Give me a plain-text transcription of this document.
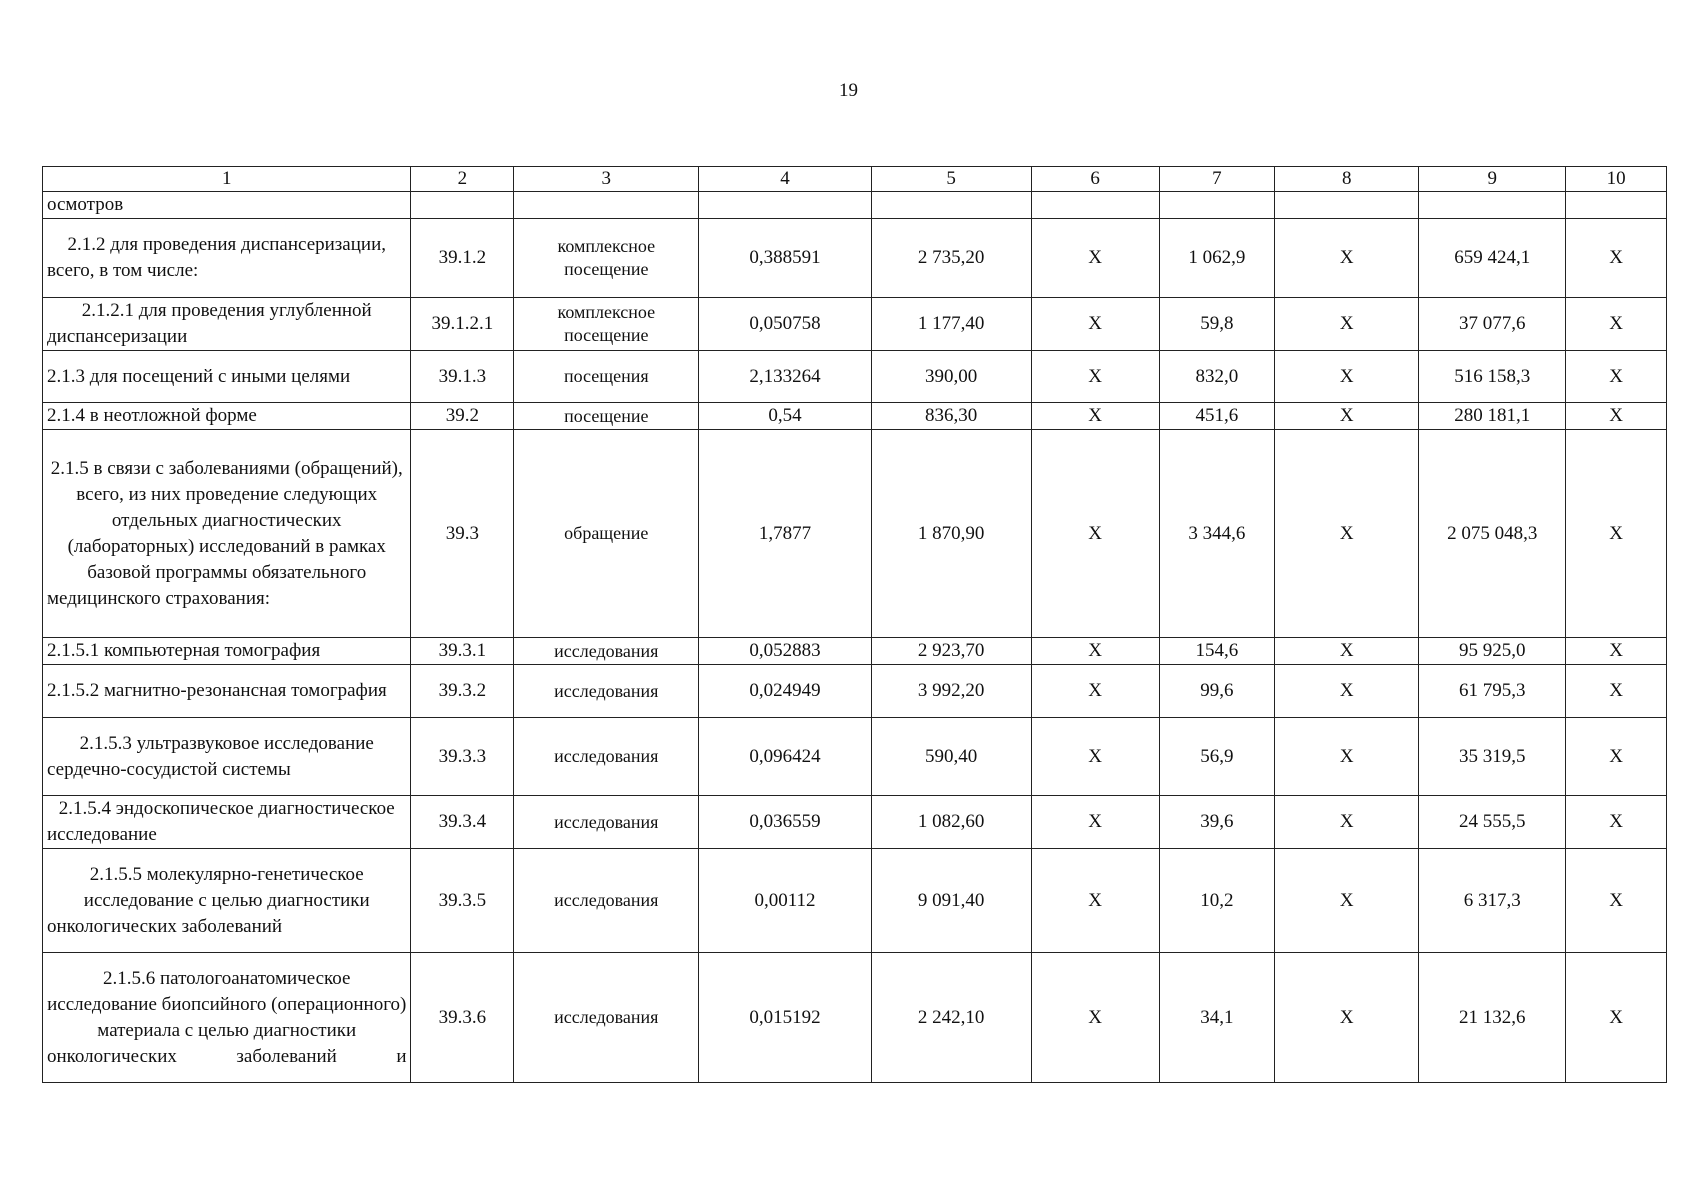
19
1	2	3	4	5	6	7	8	9	10
осмотров									
2.1.2 для проведения диспансеризации, всего, в том числе:	39.1.2	комплексное посещение	0,388591	2 735,20	Х	1 062,9	Х	659 424,1	Х
2.1.2.1 для проведения углубленной диспансеризации	39.1.2.1	комплексное посещение	0,050758	1 177,40	Х	59,8	Х	37 077,6	Х
2.1.3 для посещений с иными целями	39.1.3	посещения	2,133264	390,00	Х	832,0	Х	516 158,3	Х
2.1.4 в неотложной форме	39.2	посещение	0,54	836,30	Х	451,6	Х	280 181,1	Х
2.1.5 в связи с заболеваниями (обращений), всего, из них проведение следующих отдельных диагностических (лабораторных) исследований в рамках базовой программы обязательного медицинского страхования:	39.3	обращение	1,7877	1 870,90	Х	3 344,6	Х	2 075 048,3	Х
2.1.5.1 компьютерная томография	39.3.1	исследования	0,052883	2 923,70	Х	154,6	Х	95 925,0	Х
2.1.5.2 магнитно-резонансная томография	39.3.2	исследования	0,024949	3 992,20	Х	99,6	Х	61 795,3	Х
2.1.5.3 ультразвуковое исследование сердечно-сосудистой системы	39.3.3	исследования	0,096424	590,40	Х	56,9	Х	35 319,5	Х
2.1.5.4 эндоскопическое диагностическое исследование	39.3.4	исследования	0,036559	1 082,60	Х	39,6	Х	24 555,5	Х
2.1.5.5 молекулярно-генетическое исследование с целью диагностики онкологических заболеваний	39.3.5	исследования	0,00112	9 091,40	Х	10,2	Х	6 317,3	Х
2.1.5.6 патологоанатомическое исследование биопсийного (операционного) материала с целью диагностики онкологических заболеваний и	39.3.6	исследования	0,015192	2 242,10	Х	34,1	Х	21 132,6	Х
